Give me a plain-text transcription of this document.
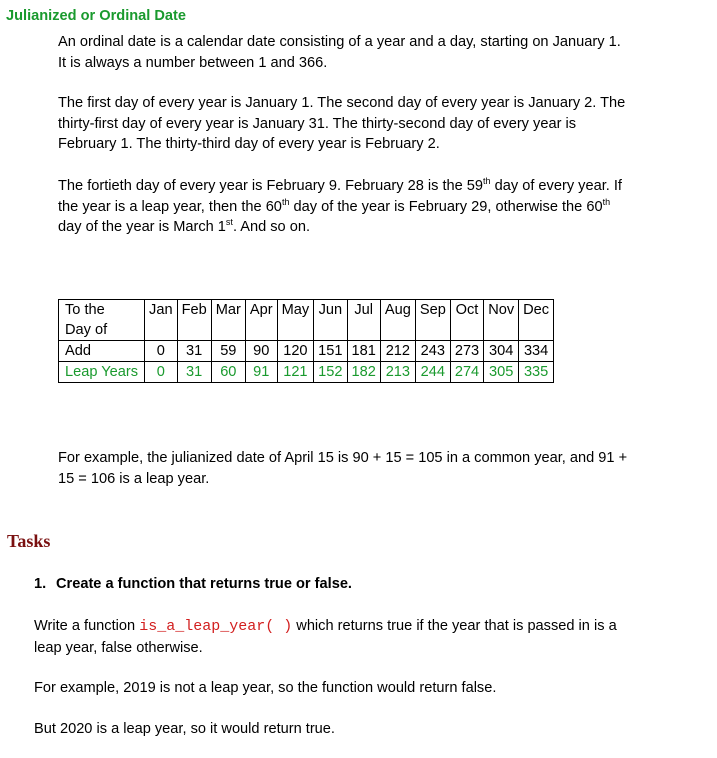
Julianized or Ordinal Date

An ordinal date is a calendar date consisting of a year and a day, starting on January 1.
It is always a number between 1 and 366.

The first day of every year is January 1. The second day of every year is January 2. The
thirty-first day of every year is January 31. The thirty-second day of every year is
February 1. The thirty-third day of every year is February 2.

The fortieth day of every year is February 9. February 28 is the 59th day of every year. If
the year is a leap year, then the 60th day of the year is February 29, otherwise the 60th
day of the year is March 1st. And so on.

To the
Day of	Jan	Feb	Mar	Apr	May	Jun	Jul	Aug	Sep	Oct	Nov	Dec

Add	0	31	59	90	120	151	181	212	243	273	304	334
Leap Years	0	31	60	91	121	152	182	213	244	274	305	335

For example, the julianized date of April 15 is 90 + 15 = 105 in a common year, and 91 +
15 = 106 is a leap year.

Tasks
1. Create a function that returns true or false.

Write a function is_a_leap_year( ) which returns true if the year that is passed in is a
leap year, false otherwise.

For example, 2019 is not a leap year, so the function would return false.

But 2020 is a leap year, so it would return true.
